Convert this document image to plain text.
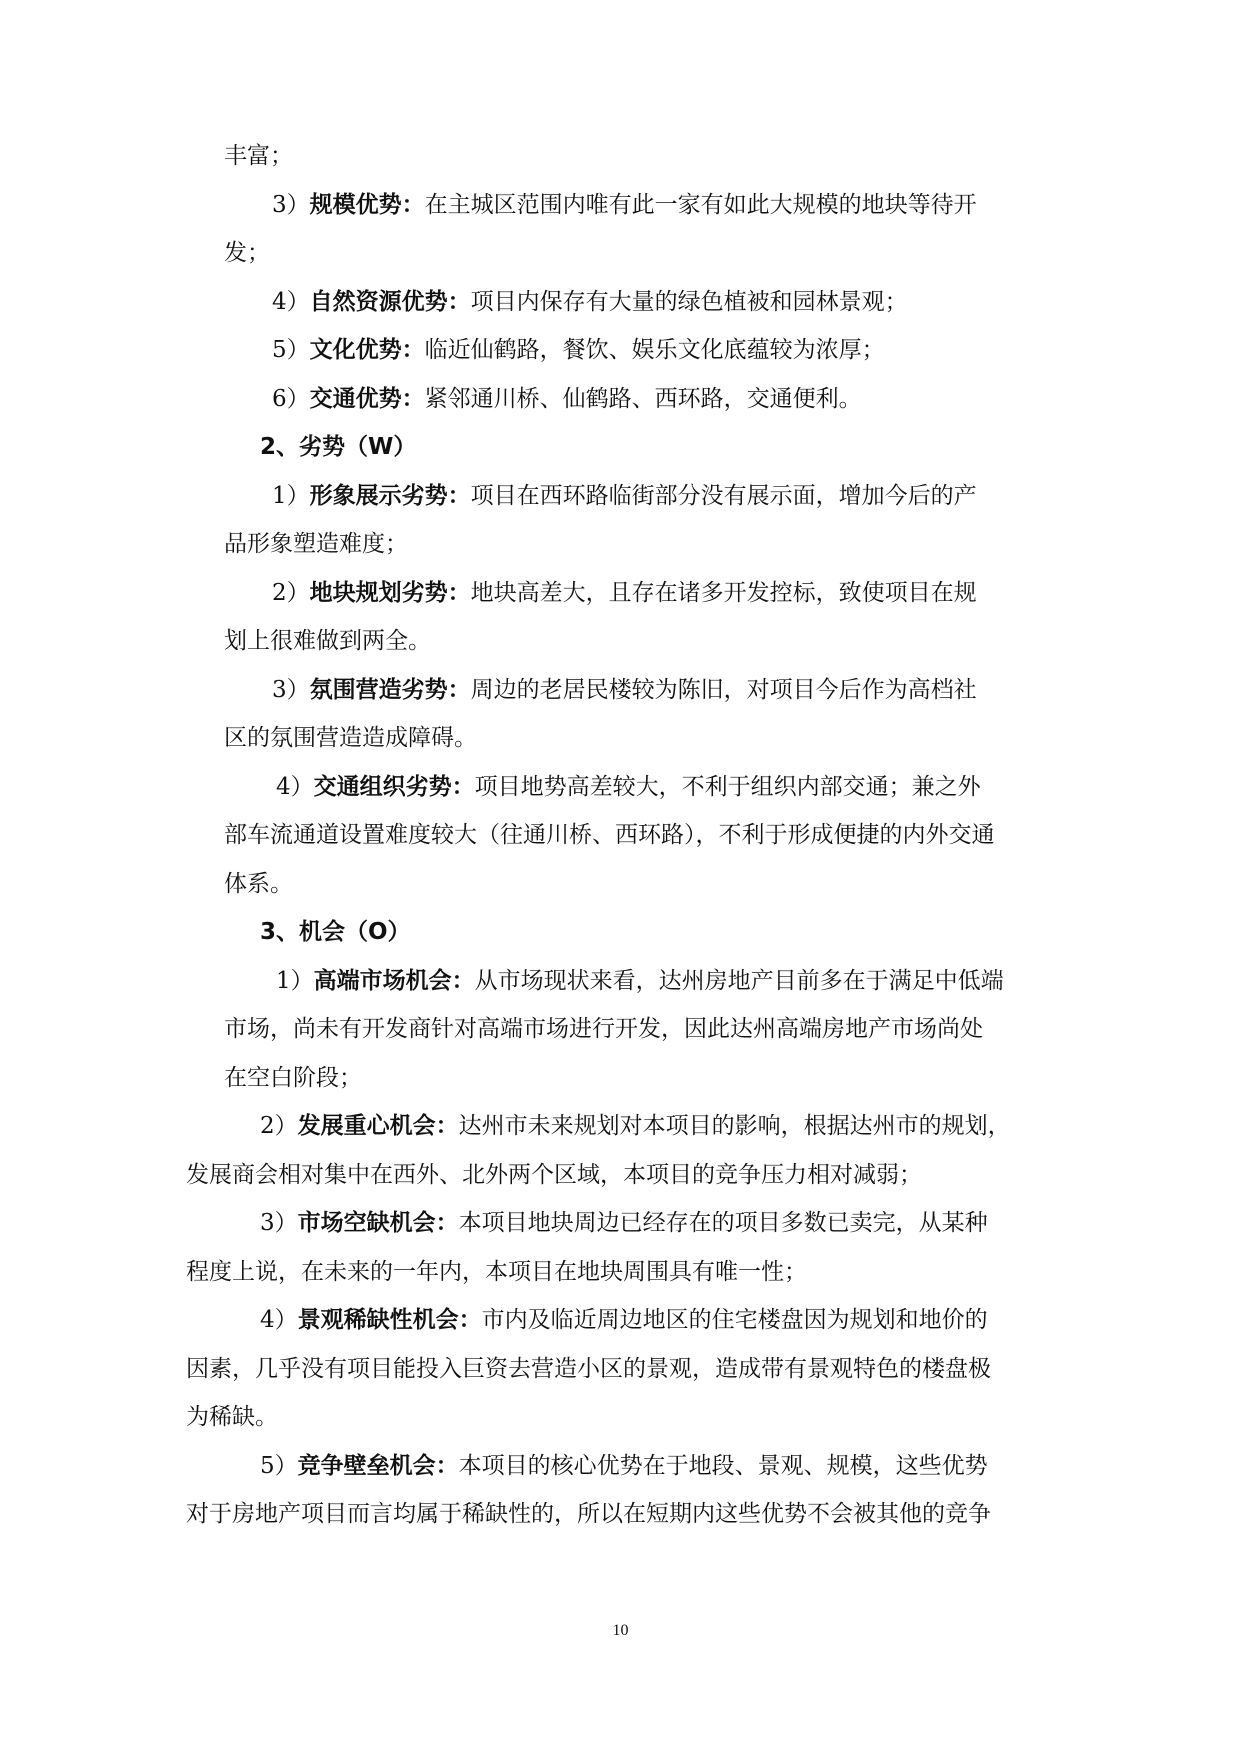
丰富；
3）规模优势：在主城区范围内唯有此一家有如此大规模的地块等待开
发；
4）自然资源优势：项目内保存有大量的绿色植被和园林景观；
5）文化优势：临近仙鹤路，餐饮、娱乐文化底蕴较为浓厚；
6）交通优势：紧邻通川桥、仙鹤路、西环路，交通便利。
2、劣势（W）
1）形象展示劣势：项目在西环路临街部分没有展示面，增加今后的产
品形象塑造难度；
2）地块规划劣势：地块高差大，且存在诸多开发控标，致使项目在规
划上很难做到两全。
3）氛围营造劣势：周边的老居民楼较为陈旧，对项目今后作为高档社
区的氛围营造造成障碍。
4）交通组织劣势：项目地势高差较大，不利于组织内部交通；兼之外
部车流通道设置难度较大（往通川桥、西环路），不利于形成便捷的内外交通
体系。
3、机会（O）
1）高端市场机会：从市场现状来看，达州房地产目前多在于满足中低端
市场，尚未有开发商针对高端市场进行开发，因此达州高端房地产市场尚处
在空白阶段；
2）发展重心机会：达州市未来规划对本项目的影响，根据达州市的规划，
发展商会相对集中在西外、北外两个区域，本项目的竞争压力相对减弱；
3）市场空缺机会：本项目地块周边已经存在的项目多数已卖完，从某种
程度上说，在未来的一年内，本项目在地块周围具有唯一性；
4）景观稀缺性机会：市内及临近周边地区的住宅楼盘因为规划和地价的
因素，几乎没有项目能投入巨资去营造小区的景观，造成带有景观特色的楼盘极
为稀缺。
5）竞争壁垒机会：本项目的核心优势在于地段、景观、规模，这些优势
对于房地产项目而言均属于稀缺性的，所以在短期内这些优势不会被其他的竞争
10
